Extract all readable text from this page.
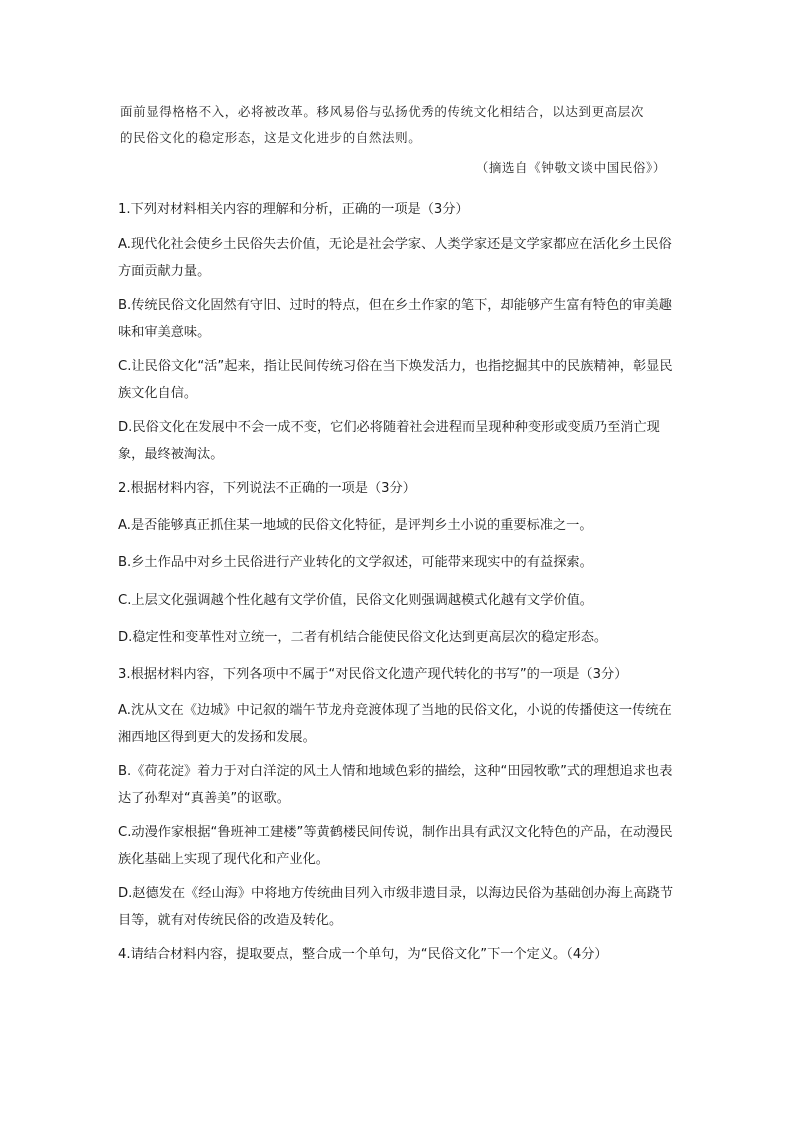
面前显得格格不入，必将被改革。移风易俗与弘扬优秀的传统文化相结合，以达到更高层次

的民俗文化的稳定形态，这是文化进步的自然法则。

（摘选自《钟敬文谈中国民俗》）
1.下列对材料相关内容的理解和分析，正确的一项是（3分）
A.现代化社会使乡土民俗失去价值，无论是社会学家、人类学家还是文学家都应在活化乡土民俗方面贡献力量。
B.传统民俗文化固然有守旧、过时的特点，但在乡土作家的笔下，却能够产生富有特色的审美趣味和审美意味。
C.让民俗文化“活”起来，指让民间传统习俗在当下焕发活力，也指挖掘其中的民族精神，彰显民族文化自信。
D.民俗文化在发展中不会一成不变，它们必将随着社会进程而呈现种种变形或变质乃至消亡现象，最终被淘汰。
2.根据材料内容，下列说法不正确的一项是（3分）
A.是否能够真正抓住某一地域的民俗文化特征，是评判乡土小说的重要标准之一。
B.乡土作品中对乡土民俗进行产业转化的文学叙述，可能带来现实中的有益探索。
C.上层文化强调越个性化越有文学价值，民俗文化则强调越模式化越有文学价值。
D.稳定性和变革性对立统一，二者有机结合能使民俗文化达到更高层次的稳定形态。
3.根据材料内容，下列各项中不属于“对民俗文化遗产现代转化的书写”的一项是（3分）
A.沈从文在《边城》中记叙的端午节龙舟竞渡体现了当地的民俗文化，小说的传播使这一传统在湘西地区得到更大的发扬和发展。
B.《荷花淀》着力于对白洋淀的风土人情和地域色彩的描绘，这种“田园牧歌”式的理想追求也表达了孙犁对“真善美”的讴歌。
C.动漫作家根据“鲁班神工建楼”等黄鹤楼民间传说，制作出具有武汉文化特色的产品，在动漫民族化基础上实现了现代化和产业化。
D.赵德发在《经山海》中将地方传统曲目列入市级非遗目录，以海边民俗为基础创办海上高跷节目等，就有对传统民俗的改造及转化。
4.请结合材料内容，提取要点，整合成一个单句，为“民俗文化”下一个定义。（4分）
